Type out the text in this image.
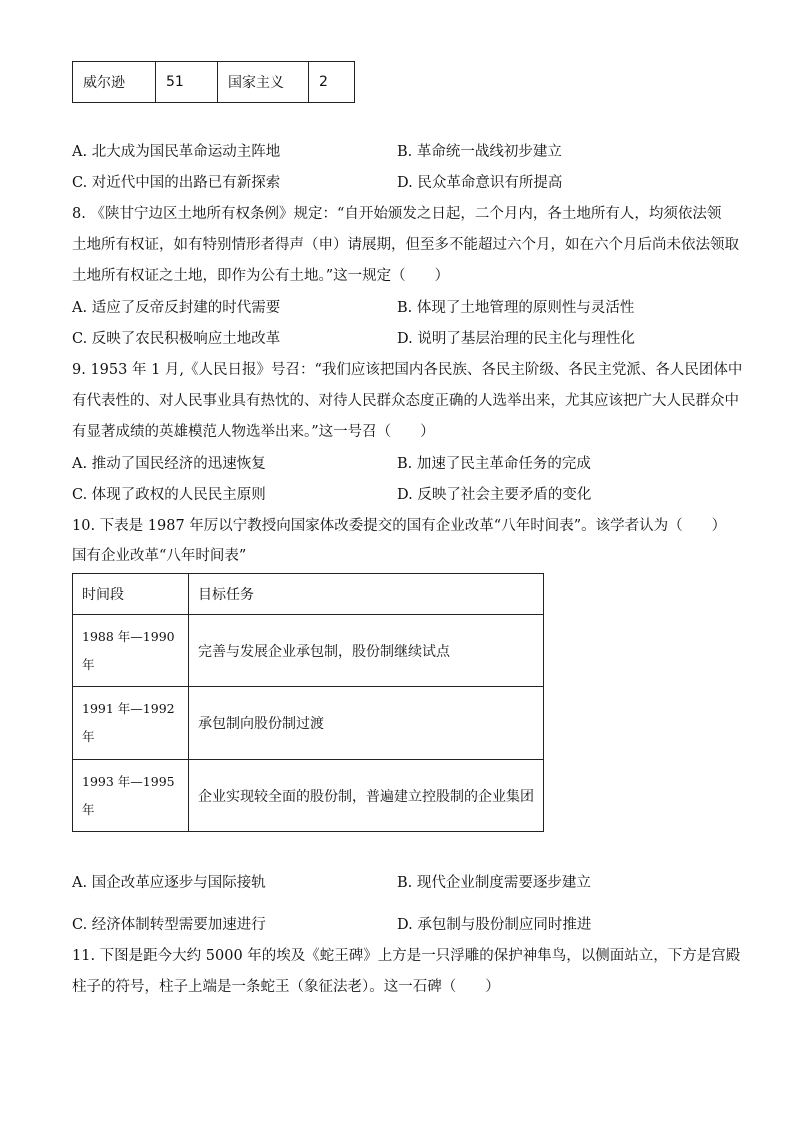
威尔逊	51	国家主义	2
A. 北大成为国民革命运动主阵地	B. 革命统一战线初步建立
C. 对近代中国的出路已有新探索	D. 民众革命意识有所提高
8. 《陕甘宁边区土地所有权条例》规定：“自开始颁发之日起，二个月内，各土地所有人，均须依法领
土地所有权证，如有特别情形者得声（申）请展期，但至多不能超过六个月，如在六个月后尚未依法领取
土地所有权证之土地，即作为公有土地。”这一规定（　　）
A. 适应了反帝反封建的时代需要	B. 体现了土地管理的原则性与灵活性
C. 反映了农民积极响应土地改革	D. 说明了基层治理的民主化与理性化
9. 1953 年 1 月,《人民日报》号召：“我们应该把国内各民族、各民主阶级、各民主党派、各人民团体中
有代表性的、对人民事业具有热忱的、对待人民群众态度正确的人选举出来，尤其应该把广大人民群众中
有显著成绩的英雄模范人物选举出来。”这一号召（　　）
A. 推动了国民经济的迅速恢复	B. 加速了民主革命任务的完成
C. 体现了政权的人民民主原则	D. 反映了社会主要矛盾的变化
10. 下表是 1987 年厉以宁教授向国家体改委提交的国有企业改革“八年时间表”。该学者认为（　　）
国有企业改革“八年时间表”
时间段	目标任务

1988 年—1990
年	完善与发展企业承包制，股份制继续试点

1991 年—1992
年	承包制向股份制过渡

1993 年—1995
年	企业实现较全面的股份制，普遍建立控股制的企业集团
A. 国企改革应逐步与国际接轨	B. 现代企业制度需要逐步建立
C. 经济体制转型需要加速进行	D. 承包制与股份制应同时推进
11. 下图是距今大约 5000 年的埃及《蛇王碑》上方是一只浮雕的保护神隼鸟，以侧面站立，下方是宫殿
柱子的符号，柱子上端是一条蛇王（象征法老）。这一石碑（　　）
